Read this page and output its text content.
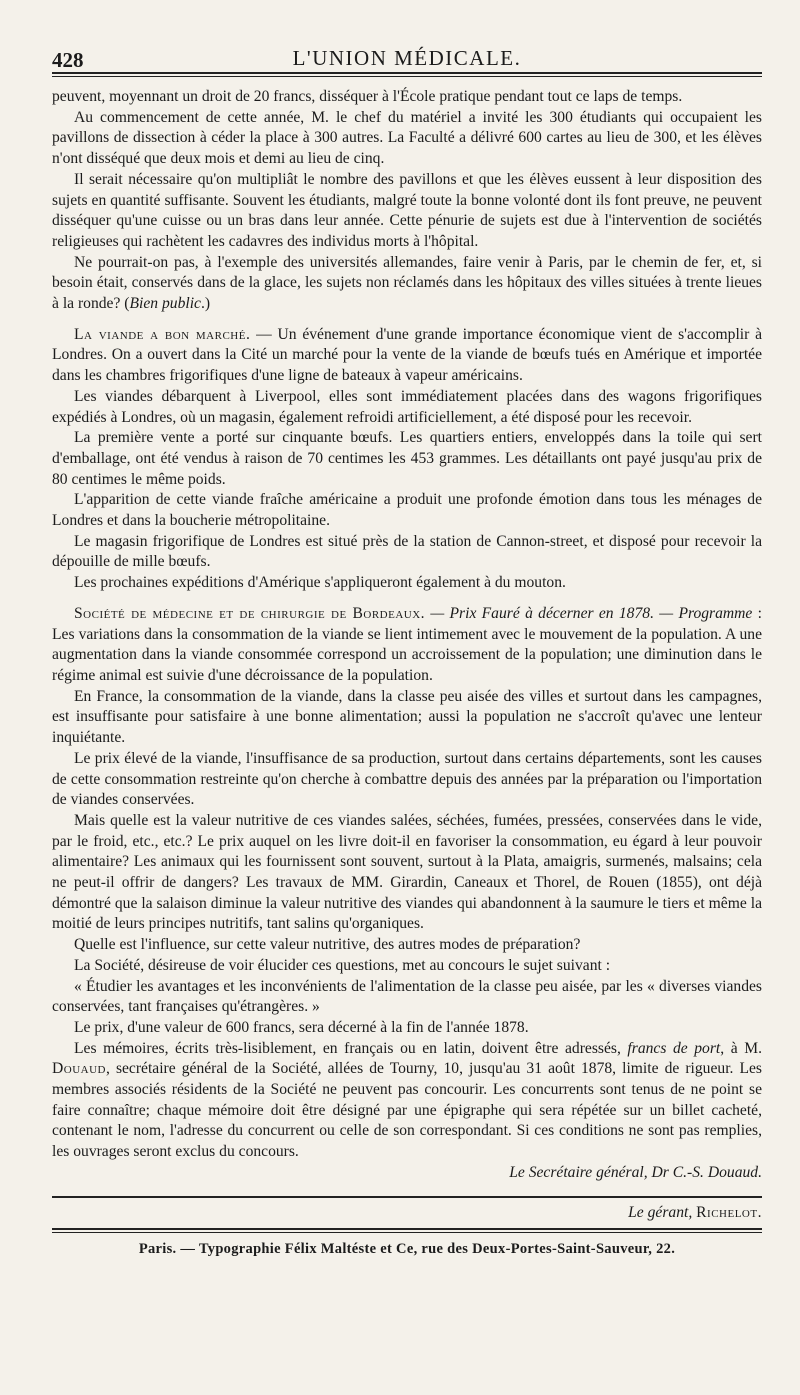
428	L'UNION MÉDICALE.

peuvent, moyennant un droit de 20 francs, disséquer à l'École pratique pendant tout ce laps de temps.

Au commencement de cette année, M. le chef du matériel a invité les 300 étudiants qui occupaient les pavillons de dissection à céder la place à 300 autres. La Faculté a délivré 600 cartes au lieu de 300, et les élèves n'ont disséqué que deux mois et demi au lieu de cinq.

Il serait nécessaire qu'on multipliât le nombre des pavillons et que les élèves eussent à leur disposition des sujets en quantité suffisante. Souvent les étudiants, malgré toute la bonne volonté dont ils font preuve, ne peuvent disséquer qu'une cuisse ou un bras dans leur année. Cette pénurie de sujets est due à l'intervention de sociétés religieuses qui rachètent les cadavres des individus morts à l'hôpital.

Ne pourrait-on pas, à l'exemple des universités allemandes, faire venir à Paris, par le chemin de fer, et, si besoin était, conservés dans de la glace, les sujets non réclamés dans les hôpitaux des villes situées à trente lieues à la ronde? (Bien public.)

La viande a bon marché. — Un événement d'une grande importance économique vient de s'accomplir à Londres. On a ouvert dans la Cité un marché pour la vente de la viande de bœufs tués en Amérique et importée dans les chambres frigorifiques d'une ligne de bateaux à vapeur américains.

Les viandes débarquent à Liverpool, elles sont immédiatement placées dans des wagons frigorifiques expédiés à Londres, où un magasin, également refroidi artificiellement, a été disposé pour les recevoir.

La première vente a porté sur cinquante bœufs. Les quartiers entiers, enveloppés dans la toile qui sert d'emballage, ont été vendus à raison de 70 centimes les 453 grammes. Les détaillants ont payé jusqu'au prix de 80 centimes le même poids.

L'apparition de cette viande fraîche américaine a produit une profonde émotion dans tous les ménages de Londres et dans la boucherie métropolitaine.

Le magasin frigorifique de Londres est situé près de la station de Cannon-street, et disposé pour recevoir la dépouille de mille bœufs.

Les prochaines expéditions d'Amérique s'appliqueront également à du mouton.

Société de médecine et de chirurgie de Bordeaux. — Prix Fauré à décerner en 1878. — Programme : Les variations dans la consommation de la viande se lient intimement avec le mouvement de la population. A une augmentation dans la viande consommée correspond un accroissement de la population; une diminution dans le régime animal est suivie d'une décroissance de la population.

En France, la consommation de la viande, dans la classe peu aisée des villes et surtout dans les campagnes, est insuffisante pour satisfaire à une bonne alimentation; aussi la population ne s'accroît qu'avec une lenteur inquiétante.

Le prix élevé de la viande, l'insuffisance de sa production, surtout dans certains départements, sont les causes de cette consommation restreinte qu'on cherche à combattre depuis des années par la préparation ou l'importation de viandes conservées.

Mais quelle est la valeur nutritive de ces viandes salées, séchées, fumées, pressées, conservées dans le vide, par le froid, etc., etc.? Le prix auquel on les livre doit-il en favoriser la consommation, eu égard à leur pouvoir alimentaire? Les animaux qui les fournissent sont souvent, surtout à la Plata, amaigris, surmenés, malsains; cela ne peut-il offrir de dangers? Les travaux de MM. Girardin, Caneaux et Thorel, de Rouen (1855), ont déjà démontré que la salaison diminue la valeur nutritive des viandes qui abandonnent à la saumure le tiers et même la moitié de leurs principes nutritifs, tant salins qu'organiques.

Quelle est l'influence, sur cette valeur nutritive, des autres modes de préparation?

La Société, désireuse de voir élucider ces questions, met au concours le sujet suivant :

« Étudier les avantages et les inconvénients de l'alimentation de la classe peu aisée, par les « diverses viandes conservées, tant françaises qu'étrangères. »

Le prix, d'une valeur de 600 francs, sera décerné à la fin de l'année 1878.

Les mémoires, écrits très-lisiblement, en français ou en latin, doivent être adressés, francs de port, à M. Douaud, secrétaire général de la Société, allées de Tourny, 10, jusqu'au 31 août 1878, limite de rigueur. Les membres associés résidents de la Société ne peuvent pas concourir. Les concurrents sont tenus de ne point se faire connaître; chaque mémoire doit être désigné par une épigraphe qui sera répétée sur un billet cacheté, contenant le nom, l'adresse du concurrent ou celle de son correspondant. Si ces conditions ne sont pas remplies, les ouvrages seront exclus du concours.

Le Secrétaire général, Dr C.-S. Douaud.

Le gérant, Richelot.
Paris. — Typographie Félix Maltéste et Ce, rue des Deux-Portes-Saint-Sauveur, 22.
